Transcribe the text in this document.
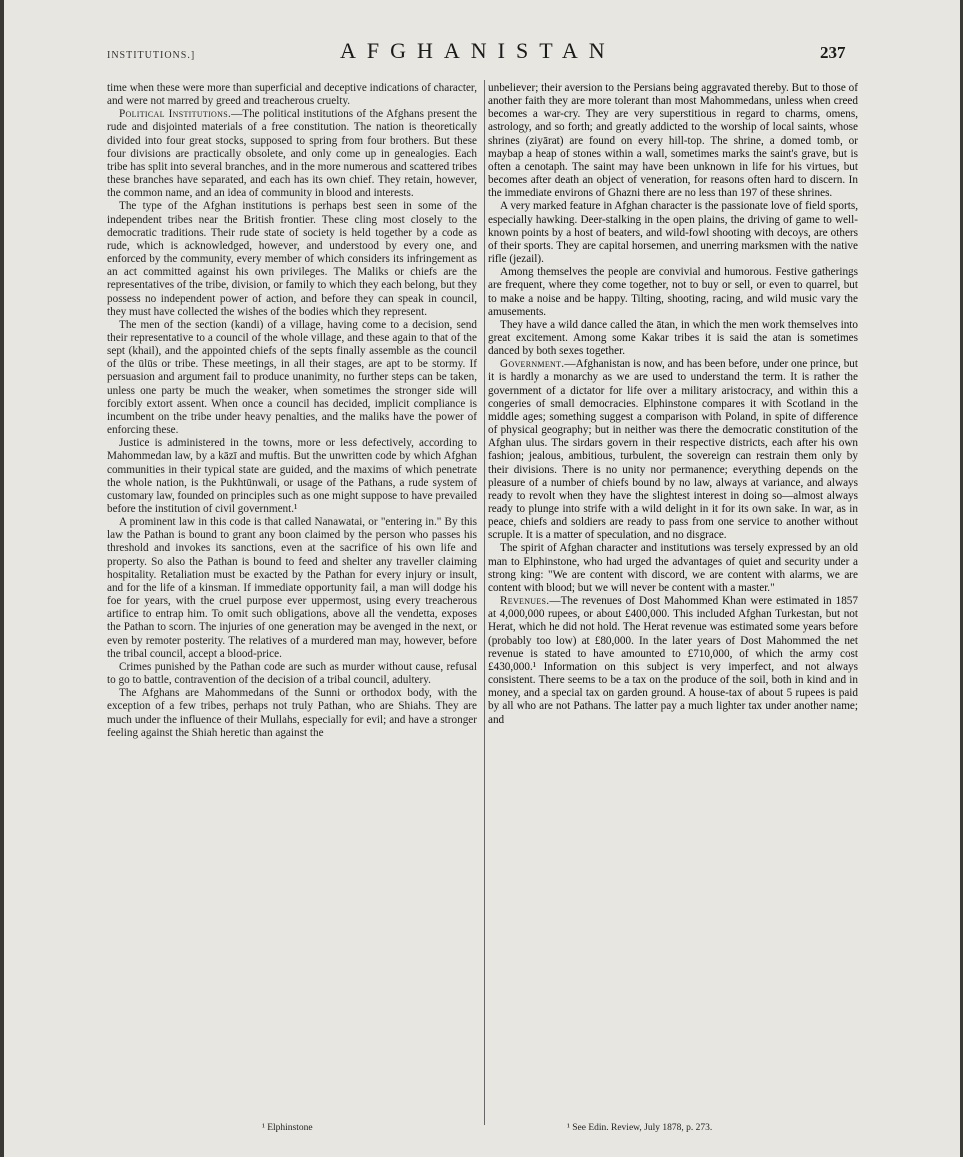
INSTITUTIONS.]	AFGHANISTAN	237

time when these were more than superficial and deceptive indications of character, and were not marred by greed and treacherous cruelty.

Political Institutions.—The political institutions of the Afghans present the rude and disjointed materials of a free constitution. The nation is theoretically divided into four great stocks, supposed to spring from four brothers. But these four divisions are practically obsolete, and only come up in genealogies. Each tribe has split into several branches, and in the more numerous and scattered tribes these branches have separated, and each has its own chief. They retain, however, the common name, and an idea of community in blood and interests.

The type of the Afghan institutions is perhaps best seen in some of the independent tribes near the British frontier. These cling most closely to the democratic traditions. Their rude state of society is held together by a code as rude, which is acknowledged, however, and understood by every one, and enforced by the community, every member of which considers its infringement as an act committed against his own privileges. The Maliks or chiefs are the representatives of the tribe, division, or family to which they each belong, but they possess no independent power of action, and before they can speak in council, they must have collected the wishes of the bodies which they represent.

The men of the section (kandi) of a village, having come to a decision, send their representative to a council of the whole village, and these again to that of the sept (khail), and the appointed chiefs of the septs finally assemble as the council of the ūlūs or tribe. These meetings, in all their stages, are apt to be stormy. If persuasion and argument fail to produce unanimity, no further steps can be taken, unless one party be much the weaker, when sometimes the stronger side will forcibly extort assent. When once a council has decided, implicit compliance is incumbent on the tribe under heavy penalties, and the maliks have the power of enforcing these.

Justice is administered in the towns, more or less defectively, according to Mahommedan law, by a kāzī and muftis. But the unwritten code by which Afghan communities in their typical state are guided, and the maxims of which penetrate the whole nation, is the Pukhtūnwali, or usage of the Pathans, a rude system of customary law, founded on principles such as one might suppose to have prevailed before the institution of civil government.¹

A prominent law in this code is that called Nanawatai, or "entering in." By this law the Pathan is bound to grant any boon claimed by the person who passes his threshold and invokes its sanctions, even at the sacrifice of his own life and property. So also the Pathan is bound to feed and shelter any traveller claiming hospitality. Retaliation must be exacted by the Pathan for every injury or insult, and for the life of a kinsman. If immediate opportunity fail, a man will dodge his foe for years, with the cruel purpose ever uppermost, using every treacherous artifice to entrap him. To omit such obligations, above all the vendetta, exposes the Pathan to scorn. The injuries of one generation may be avenged in the next, or even by remoter posterity. The relatives of a murdered man may, however, before the tribal council, accept a blood-price.

Crimes punished by the Pathan code are such as murder without cause, refusal to go to battle, contravention of the decision of a tribal council, adultery.

The Afghans are Mahommedans of the Sunni or orthodox body, with the exception of a few tribes, perhaps not truly Pathan, who are Shiahs. They are much under the influence of their Mullahs, especially for evil; and have a stronger feeling against the Shiah heretic than against the

unbeliever; their aversion to the Persians being aggravated thereby. But to those of another faith they are more tolerant than most Mahommedans, unless when creed becomes a war-cry. They are very superstitious in regard to charms, omens, astrology, and so forth; and greatly addicted to the worship of local saints, whose shrines (ziyārat) are found on every hill-top. The shrine, a domed tomb, or maybap a heap of stones within a wall, sometimes marks the saint's grave, but is often a cenotaph. The saint may have been unknown in life for his virtues, but becomes after death an object of veneration, for reasons often hard to discern. In the immediate environs of Ghazni there are no less than 197 of these shrines.

A very marked feature in Afghan character is the passionate love of field sports, especially hawking. Deer-stalking in the open plains, the driving of game to well-known points by a host of beaters, and wild-fowl shooting with decoys, are others of their sports. They are capital horsemen, and unerring marksmen with the native rifle (jezail).

Among themselves the people are convivial and humorous. Festive gatherings are frequent, where they come together, not to buy or sell, or even to quarrel, but to make a noise and be happy. Tilting, shooting, racing, and wild music vary the amusements.

They have a wild dance called the ātan, in which the men work themselves into great excitement. Among some Kakar tribes it is said the atan is sometimes danced by both sexes together.

Government.—Afghanistan is now, and has been before, under one prince, but it is hardly a monarchy as we are used to understand the term. It is rather the government of a dictator for life over a military aristocracy, and within this a congeries of small democracies. Elphinstone compares it with Scotland in the middle ages; something suggest a comparison with Poland, in spite of difference of physical geography; but in neither was there the democratic constitution of the Afghan ulus. The sirdars govern in their respective districts, each after his own fashion; jealous, ambitious, turbulent, the sovereign can restrain them only by their divisions. There is no unity nor permanence; everything depends on the pleasure of a number of chiefs bound by no law, always at variance, and always ready to revolt when they have the slightest interest in doing so—almost always ready to plunge into strife with a wild delight in it for its own sake. In war, as in peace, chiefs and soldiers are ready to pass from one service to another without scruple. It is a matter of speculation, and no disgrace.

The spirit of Afghan character and institutions was tersely expressed by an old man to Elphinstone, who had urged the advantages of quiet and security under a strong king: "We are content with discord, we are content with alarms, we are content with blood; but we will never be content with a master."

Revenues.—The revenues of Dost Mahommed Khan were estimated in 1857 at 4,000,000 rupees, or about £400,000. This included Afghan Turkestan, but not Herat, which he did not hold. The Herat revenue was estimated some years before (probably too low) at £80,000. In the later years of Dost Mahommed the net revenue is stated to have amounted to £710,000, of which the army cost £430,000.¹ Information on this subject is very imperfect, and not always consistent. There seems to be a tax on the produce of the soil, both in kind and in money, and a special tax on garden ground. A house-tax of about 5 rupees is paid by all who are not Pathans. The latter pay a much lighter tax under another name; and

¹ Elphinstone	¹ See Edin. Review, July 1878, p. 273.
